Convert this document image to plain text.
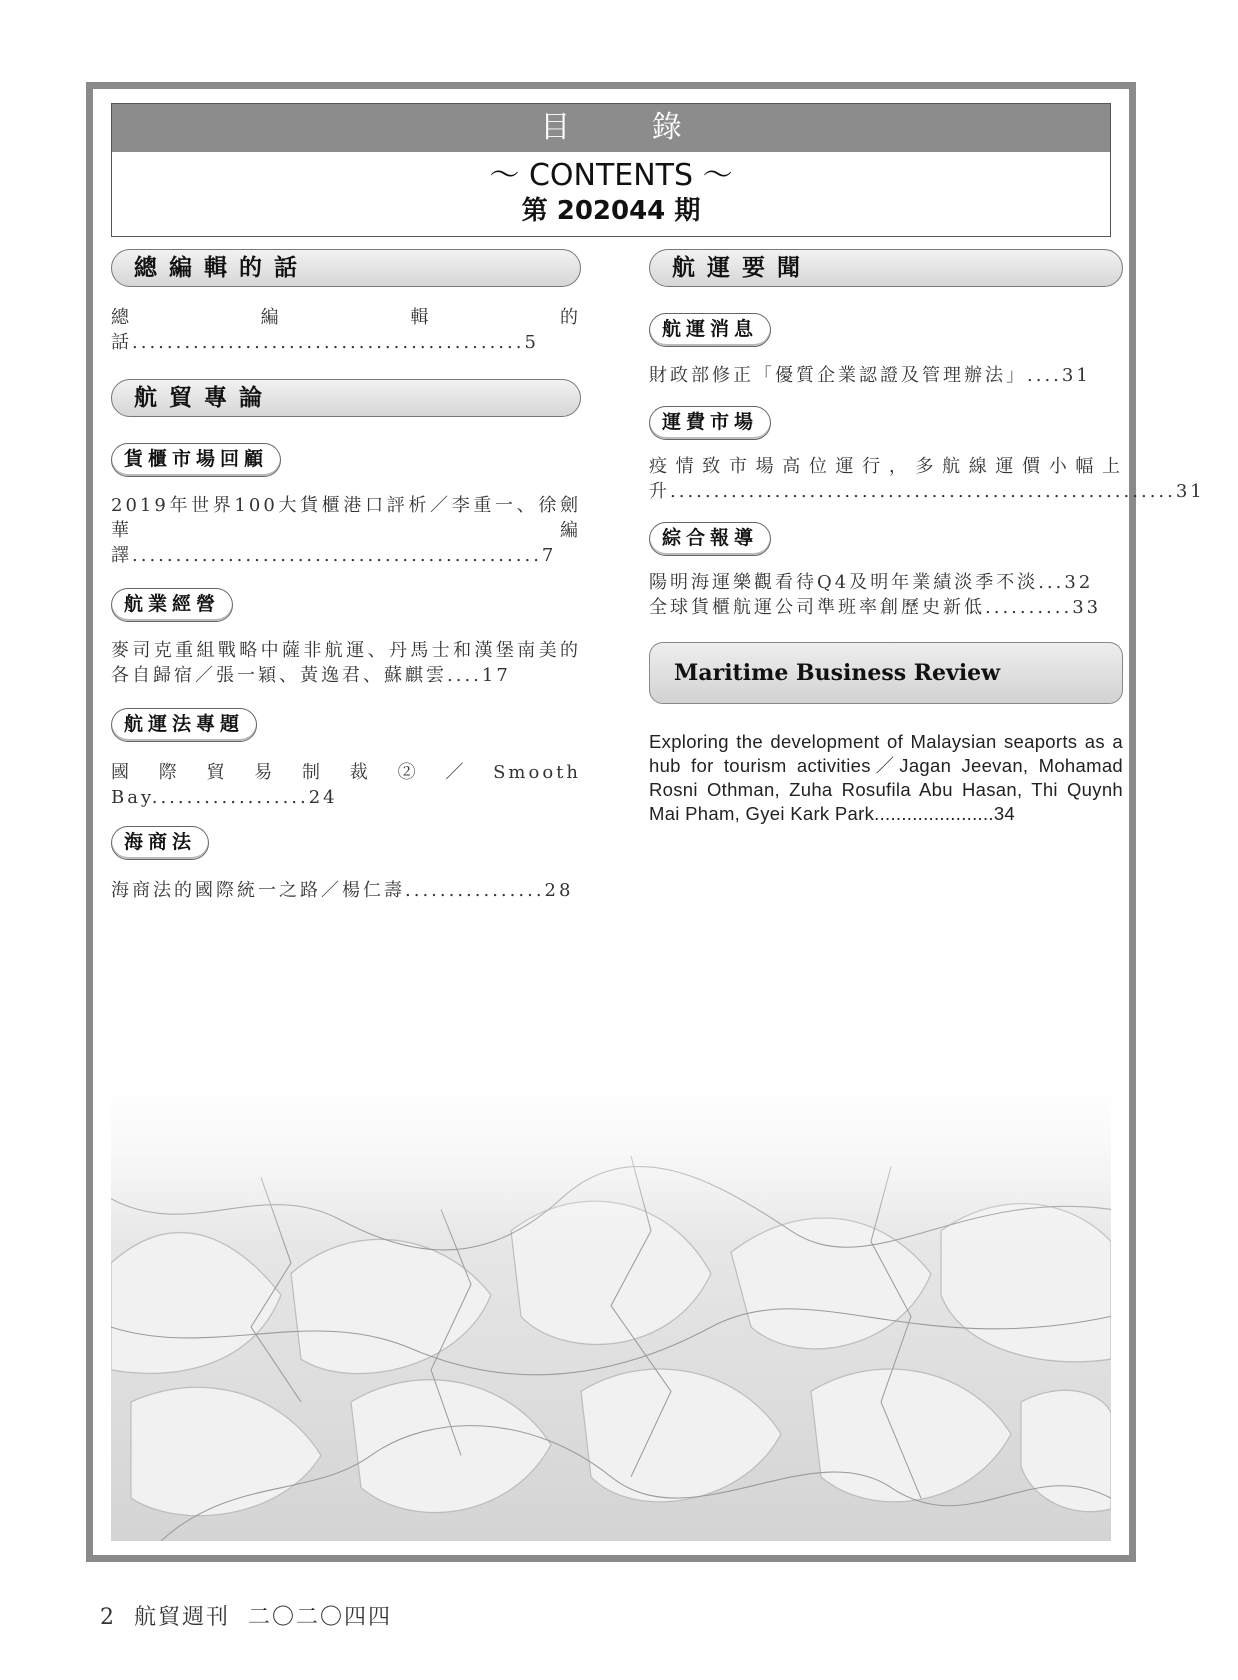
目 錄
～ CONTENTS ～
第 202044 期
總編輯的話
總編輯的話.............................................5
航貿專論
貨櫃市場回顧
2019年世界100大貨櫃港口評析／李重一、徐劍華 編譯...............................................7
航業經營
麥司克重組戰略中薩非航運、丹馬士和漢堡南美的各自歸宿／張一穎、黃逸君、蘇麒雲....17
航運法專題
國際貿易制裁②／Smooth Bay..................24
海商法
海商法的國際統一之路／楊仁壽................28
航運要聞
航運消息
財政部修正「優質企業認證及管理辦法」....31
運費市場
疫情致市場高位運行，多航線運價小幅上升..........................................................31
綜合報導
陽明海運樂觀看待Q4及明年業績淡季不淡...32
全球貨櫃航運公司準班率創歷史新低..........33
Maritime Business Review
Exploring the development of Malaysian seaports as a hub for tourism activities／Jagan Jeevan, Mohamad Rosni Othman, Zuha Rosufila Abu Hasan, Thi Quynh Mai Pham, Gyei Kark Park......................34
2 航貿週刊 二〇二〇四四
